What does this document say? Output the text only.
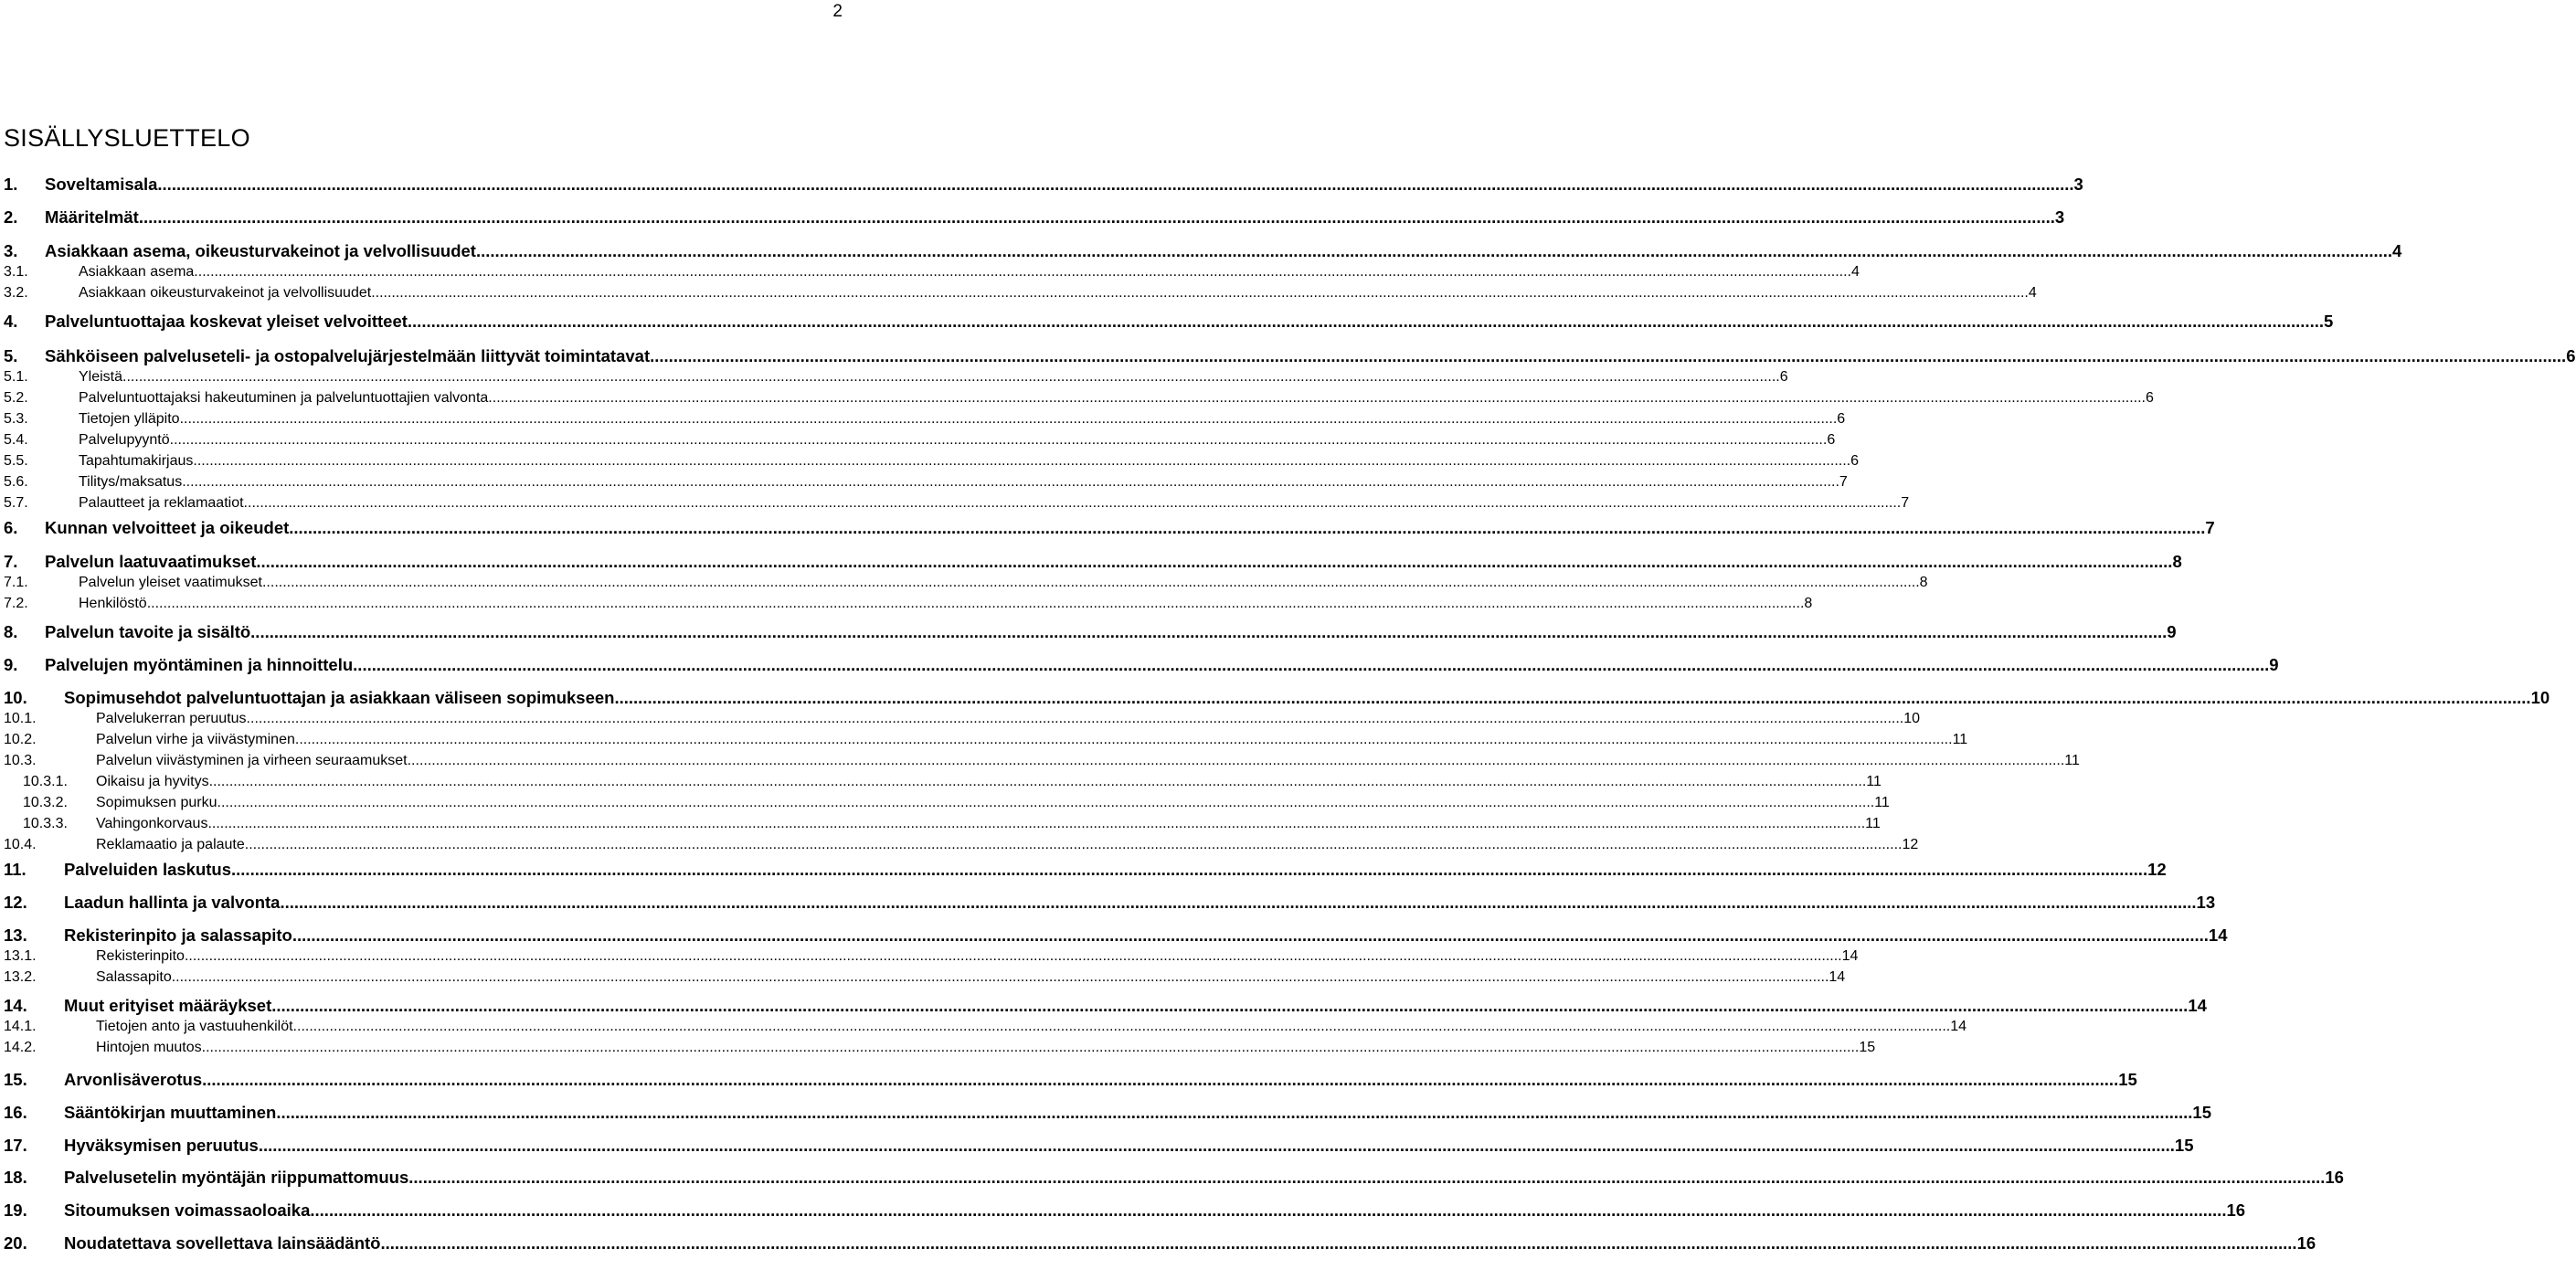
2
SISÄLLYSLUETTELO
1.	Soveltamisala .....	3
2.	Määritelmät .....	3
3.	Asiakkaan asema, oikeusturvakeinot ja velvollisuudet .....	4
3.1.	Asiakkaan asema .....	4
3.2.	Asiakkaan oikeusturvakeinot ja velvollisuudet .....	4
4.	Palveluntuottajaa koskevat yleiset velvoitteet .....	5
5.	Sähköiseen palveluseteli- ja ostopalvelujärjestelmään liittyvät toimintatavat .....	6
5.1.	Yleistä .....	6
5.2.	Palveluntuottajaksi hakeutuminen ja palveluntuottajien valvonta .....	6
5.3.	Tietojen ylläpito .....	6
5.4.	Palvelupyyntö .....	6
5.5.	Tapahtumakirjaus .....	6
5.6.	Tilitys/maksatus .....	7
5.7.	Palautteet ja reklamaatiot .....	7
6.	Kunnan velvoitteet ja oikeudet .....	7
7.	Palvelun laatuvaatimukset .....	8
7.1.	Palvelun yleiset vaatimukset .....	8
7.2.	Henkilöstö .....	8
8.	Palvelun tavoite ja sisältö .....	9
9.	Palvelujen myöntäminen ja hinnoittelu .....	9
10.	Sopimusehdot palveluntuottajan ja asiakkaan väliseen sopimukseen .....	10
10.1.	Palvelukerran peruutus .....	10
10.2.	Palvelun virhe ja viivästyminen .....	11
10.3.	Palvelun viivästyminen ja virheen seuraamukset .....	11
10.3.1.	Oikaisu ja hyvitys .....	11
10.3.2.	Sopimuksen purku .....	11
10.3.3.	Vahingonkorvaus .....	11
10.4.	Reklamaatio ja palaute .....	12
11.	Palveluiden laskutus .....	12
12.	Laadun hallinta ja valvonta .....	13
13.	Rekisterinpito ja salassapito .....	14
13.1.	Rekisterinpito .....	14
13.2.	Salassapito .....	14
14.	Muut erityiset määräykset .....	14
14.1.	Tietojen anto ja vastuuhenkilöt .....	14
14.2.	Hintojen muutos .....	15
15.	Arvonlisäverotus .....	15
16.	Sääntökirjan muuttaminen .....	15
17.	Hyväksymisen peruutus .....	15
18.	Palvelusetelin myöntäjän riippumattomuus .....	16
19.	Sitoumuksen voimassaoloaika .....	16
20.	Noudatettava sovellettava lainsäädäntö .....	16
